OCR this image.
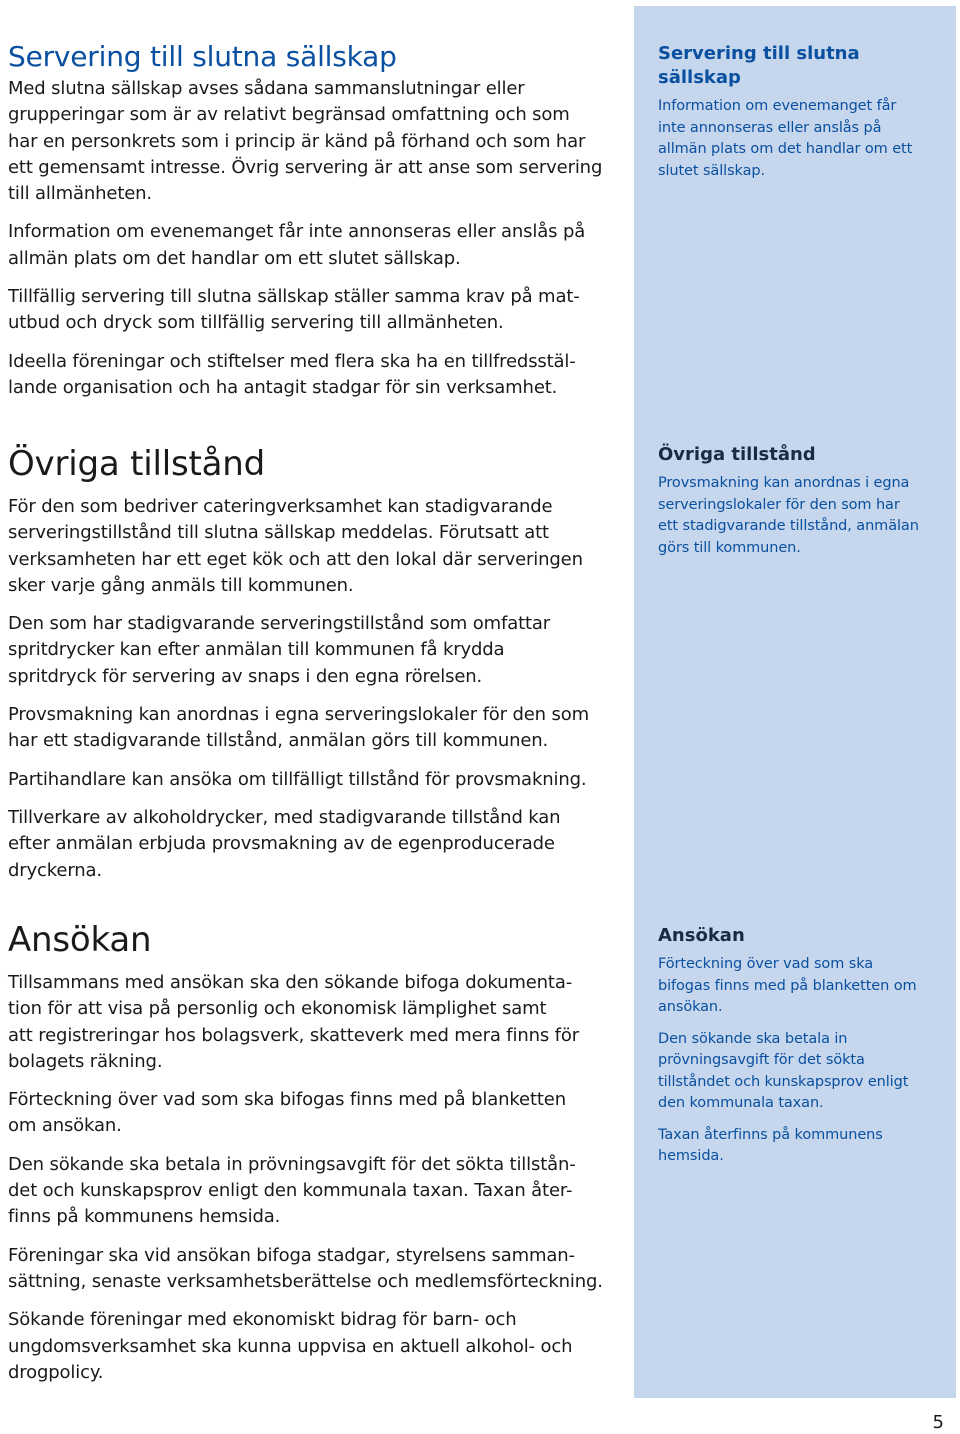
Servering till slutna sällskap

Med slutna sällskap avses sådana sammanslutningar eller
grupperingar som är av relativt begränsad omfattning och som
har en personkrets som i princip är känd på förhand och som har
ett gemensamt intresse. Övrig servering är att anse som servering
till allmänheten.

Information om evenemanget får inte annonseras eller anslås på
allmän plats om det handlar om ett slutet sällskap.

Tillfällig servering till slutna sällskap ställer samma krav på mat-
utbud och dryck som tillfällig servering till allmänheten.

Ideella föreningar och stiftelser med flera ska ha en tillfredsstäl-
lande organisation och ha antagit stadgar för sin verksamhet.

Övriga tillstånd

För den som bedriver cateringverksamhet kan stadigvarande
serveringstillstånd till slutna sällskap meddelas. Förutsatt att
verksamheten har ett eget kök och att den lokal där serveringen
sker varje gång anmäls till kommunen.

Den som har stadigvarande serveringstillstånd som omfattar
spritdrycker kan efter anmälan till kommunen få krydda
spritdryck för servering av snaps i den egna rörelsen.

Provsmakning kan anordnas i egna serveringslokaler för den som
har ett stadigvarande tillstånd, anmälan görs till kommunen.

Partihandlare kan ansöka om tillfälligt tillstånd för provsmakning.

Tillverkare av alkoholdrycker, med stadigvarande tillstånd kan
efter anmälan erbjuda provsmakning av de egenproducerade
dryckerna.

Ansökan

Tillsammans med ansökan ska den sökande bifoga dokumenta-
tion för att visa på personlig och ekonomisk lämplighet samt
att registreringar hos bolagsverk, skatteverk med mera finns för
bolagets räkning.

Förteckning över vad som ska bifogas finns med på blanketten
om ansökan.

Den sökande ska betala in prövningsavgift för det sökta tillstån-
det och kunskapsprov enligt den kommunala taxan. Taxan åter-
finns på kommunens hemsida.

Föreningar ska vid ansökan bifoga stadgar, styrelsens samman-
sättning, senaste verksamhetsberättelse och medlemsförteckning.

Sökande föreningar med ekonomiskt bidrag för barn- och
ungdomsverksamhet ska kunna uppvisa en aktuell alkohol- och
drogpolicy.

Servering till slutna sällskap

Information om evenemanget får
inte annonseras eller anslås på
allmän plats om det handlar om ett
slutet sällskap.

Övriga tillstånd

Provsmakning kan anordnas i egna
serveringslokaler för den som har
ett stadigvarande tillstånd, anmälan
görs till kommunen.

Ansökan

Förteckning över vad som ska
bifogas finns med på blanketten om
ansökan.

Den sökande ska betala in
prövningsavgift för det sökta
tillståndet och kunskapsprov enligt
den kommunala taxan.

Taxan återfinns på kommunens
hemsida.

5
